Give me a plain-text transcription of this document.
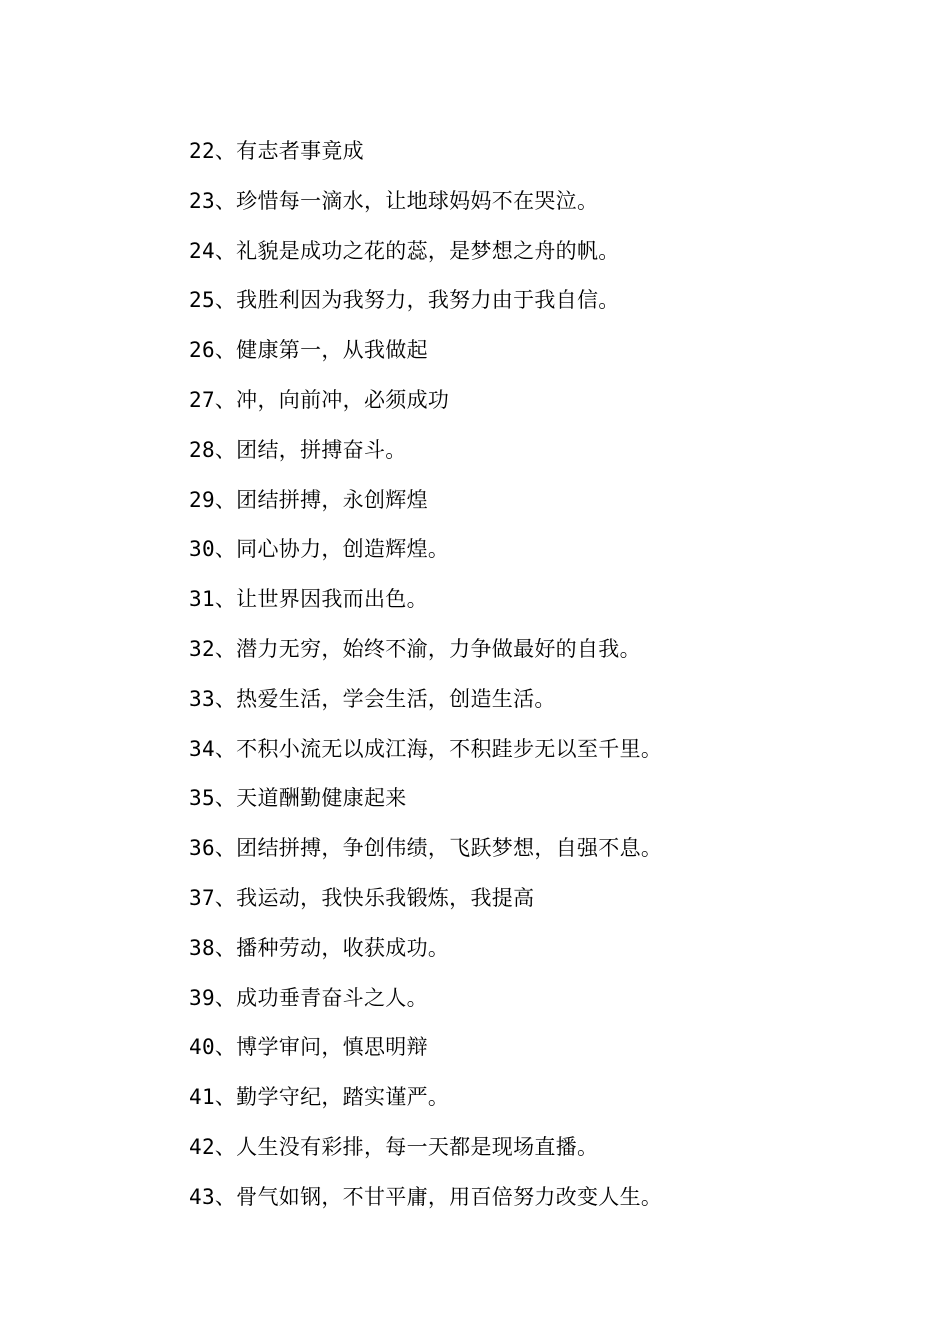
22、有志者事竟成
23、珍惜每一滴水，让地球妈妈不在哭泣。
24、礼貌是成功之花的蕊，是梦想之舟的帆。
25、我胜利因为我努力，我努力由于我自信。
26、健康第一，从我做起
27、冲，向前冲，必须成功
28、团结，拼搏奋斗。
29、团结拼搏，永创辉煌
30、同心协力，创造辉煌。
31、让世界因我而出色。
32、潜力无穷，始终不渝，力争做最好的自我。
33、热爱生活，学会生活，创造生活。
34、不积小流无以成江海，不积跬步无以至千里。
35、天道酬勤健康起来
36、团结拼搏，争创伟绩，飞跃梦想，自强不息。
37、我运动，我快乐我锻炼，我提高
38、播种劳动，收获成功。
39、成功垂青奋斗之人。
40、博学审问，慎思明辩
41、勤学守纪，踏实谨严。
42、人生没有彩排，每一天都是现场直播。
43、骨气如钢，不甘平庸，用百倍努力改变人生。
